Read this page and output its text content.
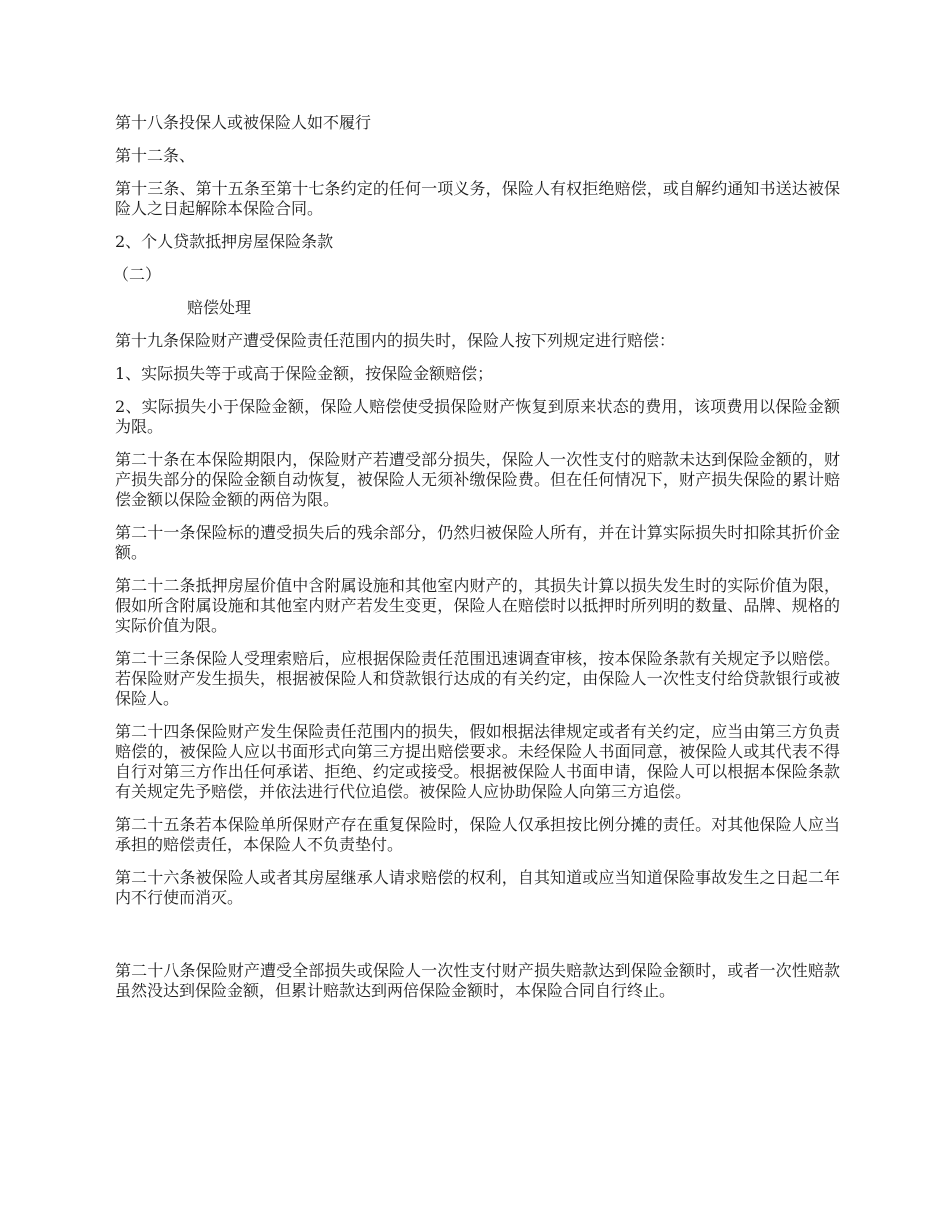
第十八条投保人或被保险人如不履行

第十二条、

第十三条、第十五条至第十七条约定的任何一项义务，保险人有权拒绝赔偿，或自解约通知书送达被保险人之日起解除本保险合同。

2、个人贷款抵押房屋保险条款

（二）

赔偿处理

第十九条保险财产遭受保险责任范围内的损失时，保险人按下列规定进行赔偿：

1、实际损失等于或高于保险金额，按保险金额赔偿；

2、实际损失小于保险金额，保险人赔偿使受损保险财产恢复到原来状态的费用，该项费用以保险金额为限。

第二十条在本保险期限内，保险财产若遭受部分损失，保险人一次性支付的赔款未达到保险金额的，财产损失部分的保险金额自动恢复，被保险人无须补缴保险费。但在任何情况下，财产损失保险的累计赔偿金额以保险金额的两倍为限。

第二十一条保险标的遭受损失后的残余部分，仍然归被保险人所有，并在计算实际损失时扣除其折价金额。

第二十二条抵押房屋价值中含附属设施和其他室内财产的，其损失计算以损失发生时的实际价值为限，假如所含附属设施和其他室内财产若发生变更，保险人在赔偿时以抵押时所列明的数量、品牌、规格的实际价值为限。

第二十三条保险人受理索赔后，应根据保险责任范围迅速调查审核，按本保险条款有关规定予以赔偿。若保险财产发生损失，根据被保险人和贷款银行达成的有关约定，由保险人一次性支付给贷款银行或被保险人。

第二十四条保险财产发生保险责任范围内的损失，假如根据法律规定或者有关约定，应当由第三方负责赔偿的，被保险人应以书面形式向第三方提出赔偿要求。未经保险人书面同意，被保险人或其代表不得自行对第三方作出任何承诺、拒绝、约定或接受。根据被保险人书面申请，保险人可以根据本保险条款有关规定先予赔偿，并依法进行代位追偿。被保险人应协助保险人向第三方追偿。

第二十五条若本保险单所保财产存在重复保险时，保险人仅承担按比例分摊的责任。对其他保险人应当承担的赔偿责任，本保险人不负责垫付。

第二十六条被保险人或者其房屋继承人请求赔偿的权利，自其知道或应当知道保险事故发生之日起二年内不行使而消灭。

第二十八条保险财产遭受全部损失或保险人一次性支付财产损失赔款达到保险金额时，或者一次性赔款虽然没达到保险金额，但累计赔款达到两倍保险金额时，本保险合同自行终止。
